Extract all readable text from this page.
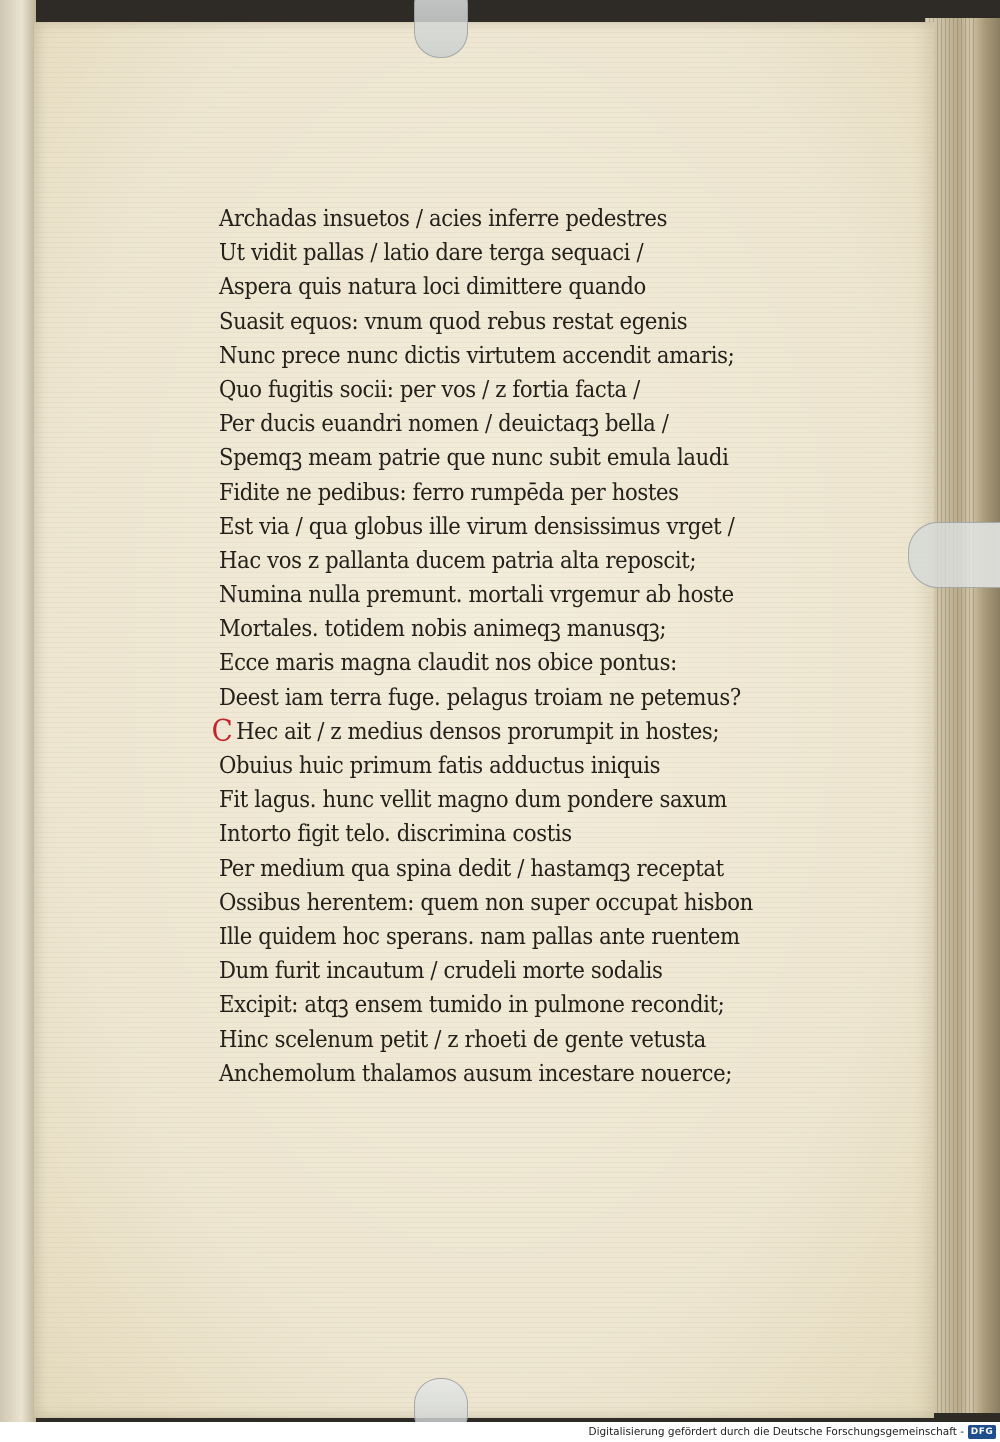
Archadas insuetos / acies inferre pedestres
Ut vidit pallas / latio dare terga sequaci /
Aspera quis natura loci dimittere quando
Suasit equos: vnum quod rebus restat egenis
Nunc prece nunc dictis virtutem accendit amaris;
Quo fugitis socii: per vos / z fortia facta /
Per ducis euandri nomen / deuictaqꝫ bella /
Spemqꝫ meam patrie que nunc subit emula laudi
Fidite ne pedibus: ferro rumpēda per hostes
Est via / qua globus ille virum densissimus vrget /
Hac vos z pallanta ducem patria alta reposcit;
Numina nulla premunt. mortali vrgemur ab hoste
Mortales. totidem nobis animeqꝫ manusqꝫ;
Ecce maris magna claudit nos obice pontus:
Deest iam terra fuge. pelagus troiam ne petemus?
C Hec ait / z medius densos prorumpit in hostes;
Obuius huic primum fatis adductus iniquis
Fit lagus. hunc vellit magno dum pondere saxum
Intorto figit telo. discrimina costis
Per medium qua spina dedit / hastamqꝫ receptat
Ossibus herentem: quem non super occupat hisbon
Ille quidem hoc sperans. nam pallas ante ruentem
Dum furit incautum / crudeli morte sodalis
Excipit: atqꝫ ensem tumido in pulmone recondit;
Hinc scelenum petit / z rhoeti de gente vetusta
Anchemolum thalamos ausum incestare nouerce;
Digitalisierung gefördert durch die Deutsche Forschungsgemeinschaft - DFG
